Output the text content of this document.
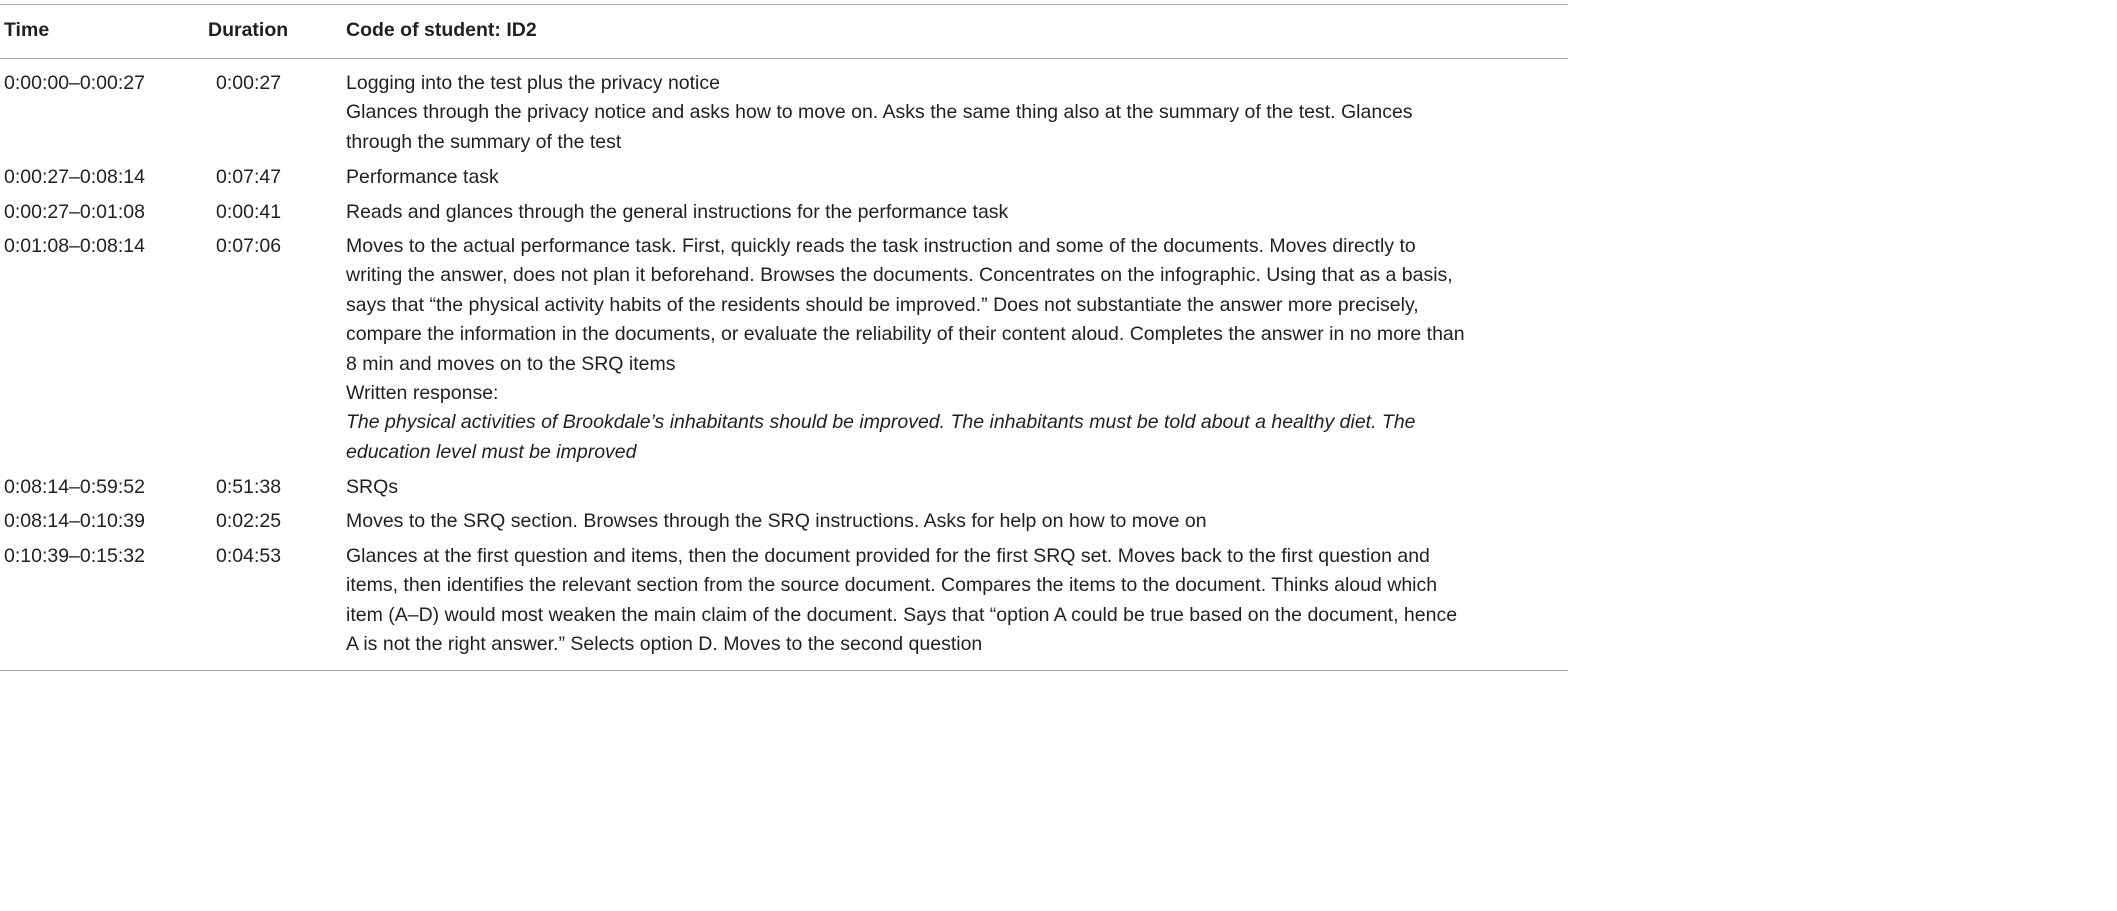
Time	Duration	Code of student: ID2
0:00:00–0:00:27	0:00:27	Logging into the test plus the privacy notice
Glances through the privacy notice and asks how to move on. Asks the same thing also at the summary of the test. Glances
through the summary of the test
0:00:27–0:08:14	0:07:47	Performance task
0:00:27–0:01:08	0:00:41	Reads and glances through the general instructions for the performance task
0:01:08–0:08:14	0:07:06	Moves to the actual performance task. First, quickly reads the task instruction and some of the documents. Moves directly to
writing the answer, does not plan it beforehand. Browses the documents. Concentrates on the infographic. Using that as a basis,
says that “the physical activity habits of the residents should be improved.” Does not substantiate the answer more precisely,
compare the information in the documents, or evaluate the reliability of their content aloud. Completes the answer in no more than
8 min and moves on to the SRQ items
Written response:
The physical activities of Brookdale’s inhabitants should be improved. The inhabitants must be told about a healthy diet. The
education level must be improved
0:08:14–0:59:52	0:51:38	SRQs
0:08:14–0:10:39	0:02:25	Moves to the SRQ section. Browses through the SRQ instructions. Asks for help on how to move on
0:10:39–0:15:32	0:04:53	Glances at the first question and items, then the document provided for the first SRQ set. Moves back to the first question and
items, then identifies the relevant section from the source document. Compares the items to the document. Thinks aloud which
item (A–D) would most weaken the main claim of the document. Says that “option A could be true based on the document, hence
A is not the right answer.” Selects option D. Moves to the second question
